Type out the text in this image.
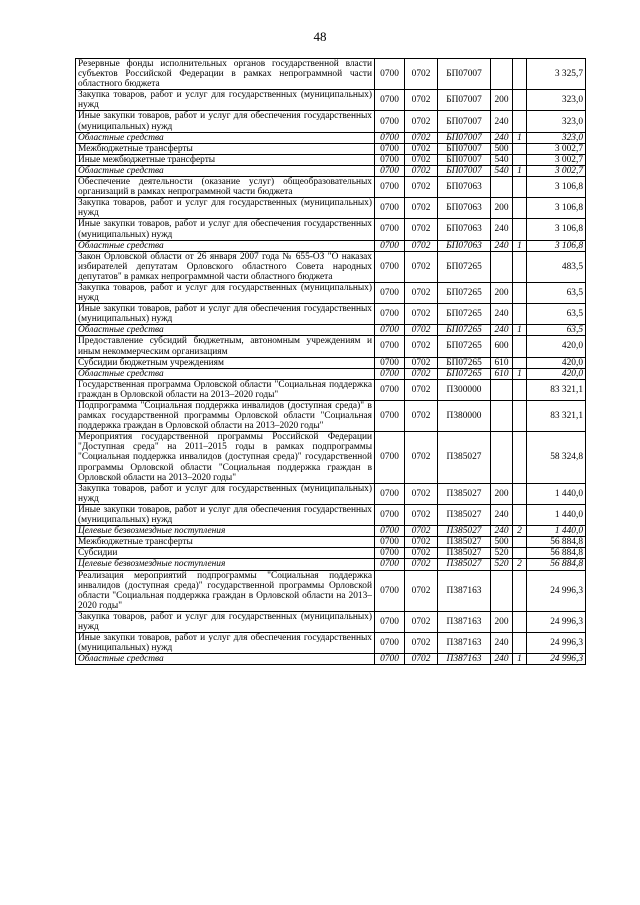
48
Резервные фонды исполнительных органов государственной власти субъектов Российской Федерации в рамках непрограммной части областного бюджета	0700	0702	БП07007			3 325,7
Закупка товаров, работ и услуг для государственных (муниципальных) нужд	0700	0702	БП07007	200		323,0
Иные закупки товаров, работ и услуг для обеспечения государственных (муниципальных) нужд	0700	0702	БП07007	240		323,0
Областные средства	0700	0702	БП07007	240	1	323,0
Межбюджетные трансферты	0700	0702	БП07007	500		3 002,7
Иные межбюджетные трансферты	0700	0702	БП07007	540		3 002,7
Областные средства	0700	0702	БП07007	540	1	3 002,7
Обеспечение деятельности (оказание услуг) общеобразовательных организаций в рамках непрограммной части бюджета	0700	0702	БП07063			3 106,8
Закупка товаров, работ и услуг для государственных (муниципальных) нужд	0700	0702	БП07063	200		3 106,8
Иные закупки товаров, работ и услуг для обеспечения государственных (муниципальных) нужд	0700	0702	БП07063	240		3 106,8
Областные средства	0700	0702	БП07063	240	1	3 106,8
Закон Орловской области от 26 января 2007 года № 655-ОЗ "О наказах избирателей депутатам Орловского областного Совета народных депутатов" в рамках непрограммной части областного бюджета	0700	0702	БП07265			483,5
Закупка товаров, работ и услуг для государственных (муниципальных) нужд	0700	0702	БП07265	200		63,5
Иные закупки товаров, работ и услуг для обеспечения государственных (муниципальных) нужд	0700	0702	БП07265	240		63,5
Областные средства	0700	0702	БП07265	240	1	63,5
Предоставление субсидий бюджетным, автономным учреждениям и иным некоммерческим организациям	0700	0702	БП07265	600		420,0
Субсидии бюджетным учреждениям	0700	0702	БП07265	610		420,0
Областные средства	0700	0702	БП07265	610	1	420,0
Государственная программа Орловской области "Социальная поддержка граждан в Орловской области на 2013–2020 годы"	0700	0702	П300000			83 321,1
Подпрограмма "Социальная поддержка инвалидов (доступная среда)" в рамках государственной программы Орловской области "Социальная поддержка граждан в Орловской области на 2013–2020 годы"	0700	0702	П380000			83 321,1
Мероприятия государственной программы Российской Федерации "Доступная среда" на 2011–2015 годы в рамках подпрограммы "Социальная поддержка инвалидов (доступная среда)" государственной программы Орловской области "Социальная поддержка граждан в Орловской области на 2013–2020 годы"	0700	0702	П385027			58 324,8
Закупка товаров, работ и услуг для государственных (муниципальных) нужд	0700	0702	П385027	200		1 440,0
Иные закупки товаров, работ и услуг для обеспечения государственных (муниципальных) нужд	0700	0702	П385027	240		1 440,0
Целевые безвозмездные поступления	0700	0702	П385027	240	2	1 440,0
Межбюджетные трансферты	0700	0702	П385027	500		56 884,8
Субсидии	0700	0702	П385027	520		56 884,8
Целевые безвозмездные поступления	0700	0702	П385027	520	2	56 884,8
Реализация мероприятий подпрограммы "Социальная поддержка инвалидов (доступная среда)" государственной программы Орловской области "Социальная поддержка граждан в Орловской области на 2013–2020 годы"	0700	0702	П387163			24 996,3
Закупка товаров, работ и услуг для государственных (муниципальных) нужд	0700	0702	П387163	200		24 996,3
Иные закупки товаров, работ и услуг для обеспечения государственных (муниципальных) нужд	0700	0702	П387163	240		24 996,3
Областные средства	0700	0702	П387163	240	1	24 996,3
